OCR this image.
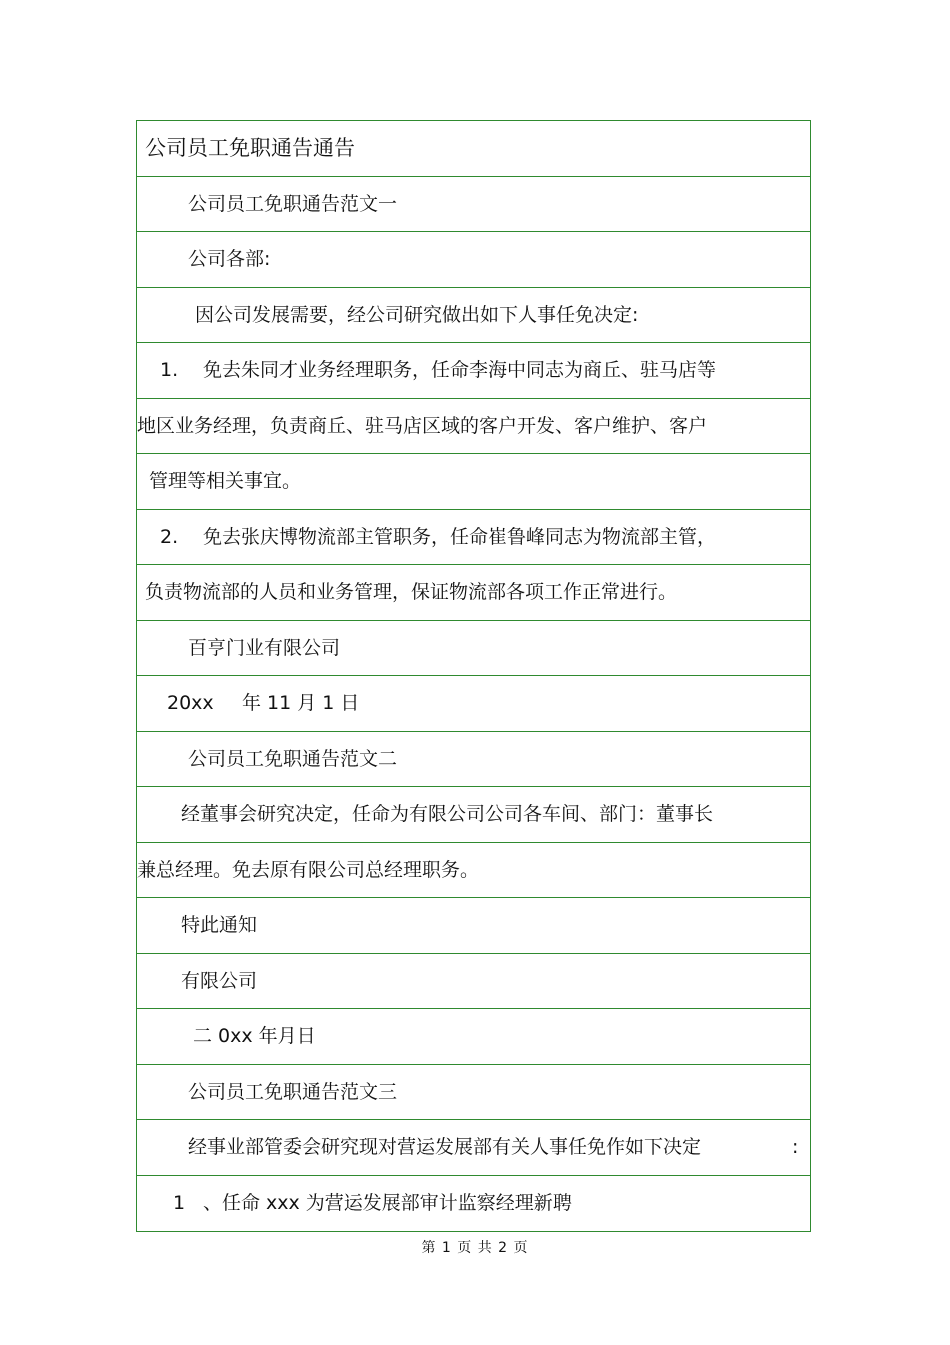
公司员工免职通告通告
公司员工免职通告范文一
公司各部:
因公司发展需要，经公司研究做出如下人事任免决定:
1. 免去朱同才业务经理职务，任命李海中同志为商丘、驻马店等
地区业务经理，负责商丘、驻马店区域的客户开发、客户维护、客户
管理等相关事宜。
2. 免去张庆博物流部主管职务，任命崔鲁峰同志为物流部主管，
负责物流部的人员和业务管理，保证物流部各项工作正常进行。
百亨门业有限公司
20xx 年 11 月 1 日
公司员工免职通告范文二
经董事会研究决定，任命为有限公司公司各车间、部门：董事长
兼总经理。免去原有限公司总经理职务。
特此通知
有限公司
二 0xx 年月日
公司员工免职通告范文三
经事业部管委会研究现对营运发展部有关人事任免作如下决定	:
1 、任命 xxx 为营运发展部审计监察经理新聘
第 1 页 共 2 页
